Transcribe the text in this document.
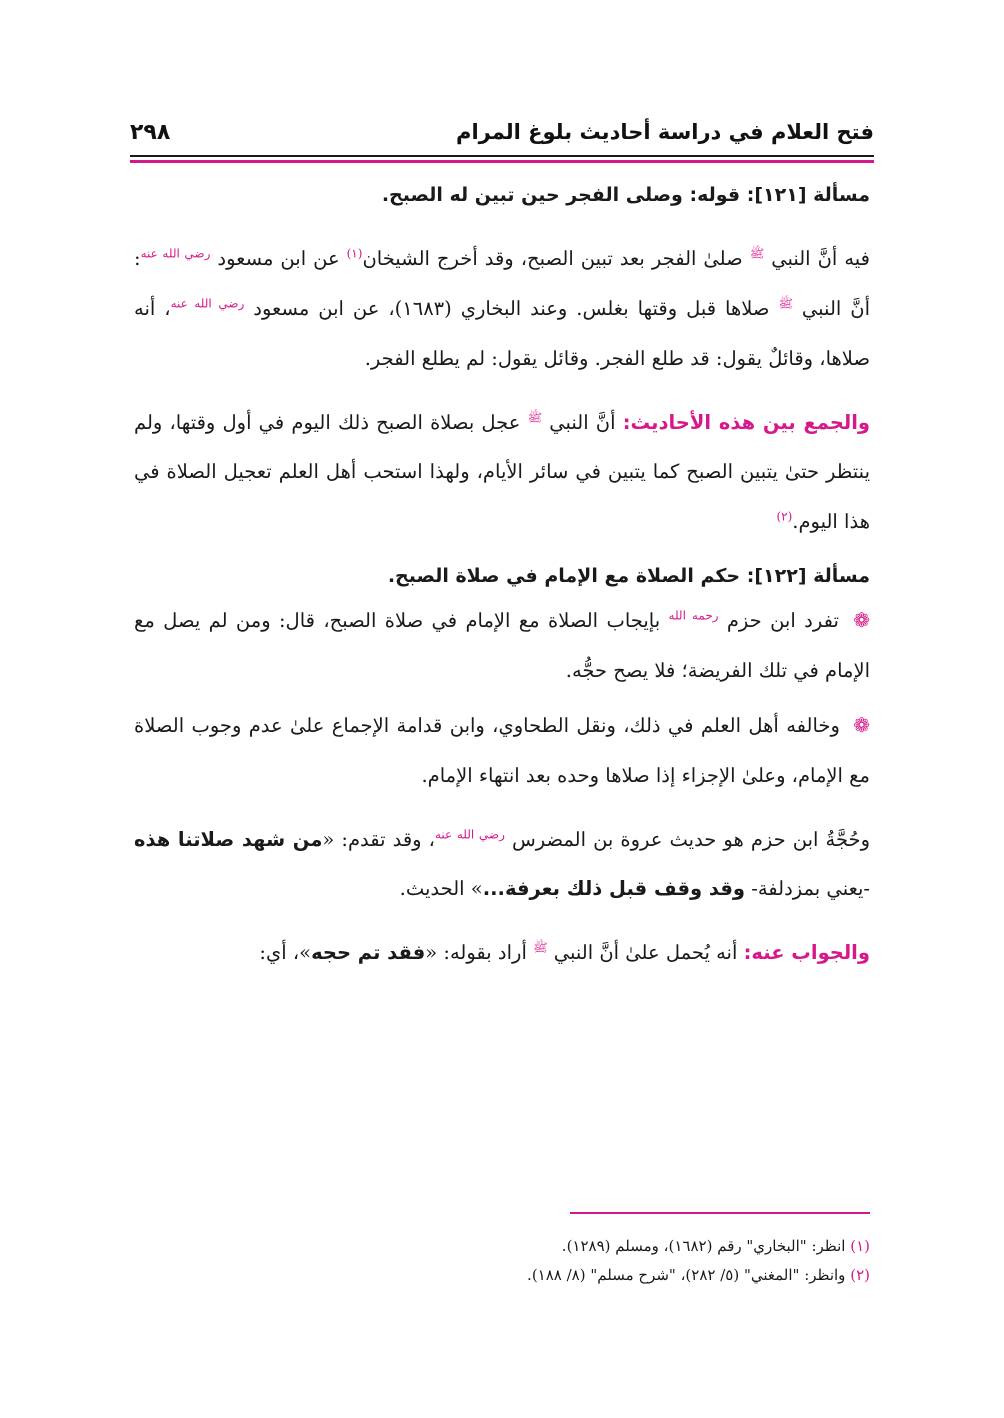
فتح العلام في دراسة أحاديث بلوغ المرام
٢٩٨
مسألة [١٢١]: قوله: وصلى الفجر حين تبين له الصبح.

فيه أنَّ النبي $^ﷺ$ صلىٰ الفجر بعد تبين الصبح، وقد أخرج الشيخان$^{(١)}$ عن ابن مسعود $^{رضي الله عنه}$: أنَّ النبي $^ﷺ$ صلاها قبل وقتها بغلس. وعند البخاري (١٦٨٣)، عن ابن مسعود $^{رضي الله عنه}$، أنه صلاها، وقائلٌ يقول: قد طلع الفجر. وقائل يقول: لم يطلع الفجر.

والجمع بين هذه الأحاديث: أنَّ النبي $^ﷺ$ عجل بصلاة الصبح ذلك اليوم في أول وقتها، ولم ينتظر حتىٰ يتبين الصبح كما يتبين في سائر الأيام، ولهذا استحب أهل العلم تعجيل الصلاة في هذا اليوم.$^{(٢)}$

مسألة [١٢٢]: حكم الصلاة مع الإمام في صلاة الصبح.

❁ تفرد ابن حزم $^{رحمه الله}$ بإيجاب الصلاة مع الإمام في صلاة الصبح، قال: ومن لم يصل مع الإمام في تلك الفريضة؛ فلا يصح حجُّه.

❁ وخالفه أهل العلم في ذلك، ونقل الطحاوي، وابن قدامة الإجماع علىٰ عدم وجوب الصلاة مع الإمام، وعلىٰ الإجزاء إذا صلاها وحده بعد انتهاء الإمام.

وحُجَّةُ ابن حزم هو حديث عروة بن المضرس $^{رضي الله عنه}$، وقد تقدم: «من شهد صلاتنا هذه -يعني بمزدلفة- وقد وقف قبل ذلك بعرفة...» الحديث.

والجواب عنه: أنه يُحمل علىٰ أنَّ النبي $^ﷺ$ أراد بقوله: «فقد تم حجه»، أي:

(١) انظر: "البخاري" رقم (١٦٨٢)، ومسلم (١٢٨٩).
(٢) وانظر: "المغني" (٥/ ٢٨٢)، "شرح مسلم" (٨/ ١٨٨).
